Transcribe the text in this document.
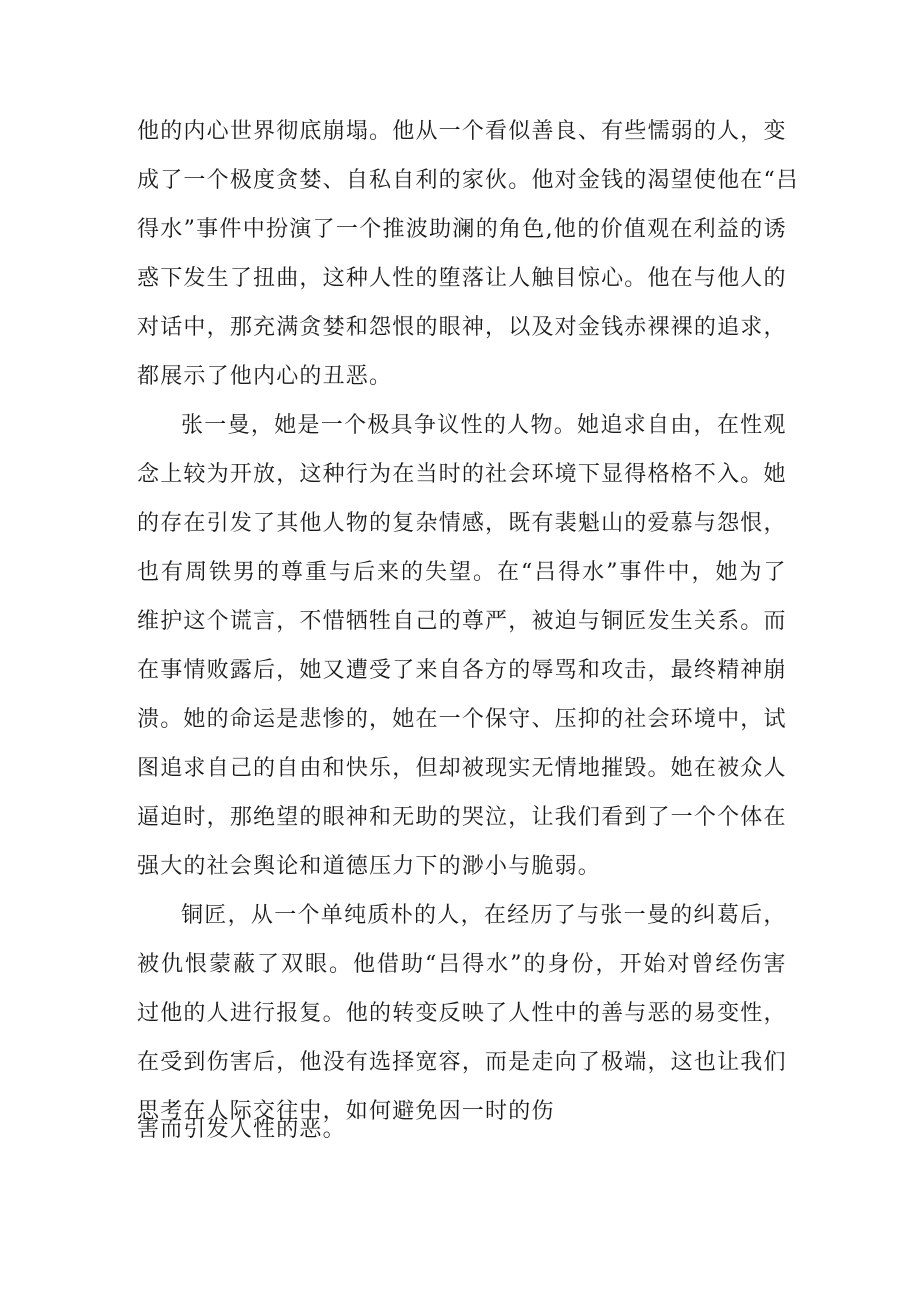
他 的 内 心 世 界 彻 底 崩 塌 。 他 从 一 个 看 似 善 良 、 有 些 懦 弱 的 人 ， 变
成 了 一 个 极 度 贪 婪 、 自 私 自 利 的 家 伙 。 他 对 金 钱 的 渴 望 使 他 在 “ 吕
得 水 ” 事 件 中 扮 演 了 一 个 推 波 助 澜 的 角 色 , 他 的 价 值 观 在 利 益 的 诱
惑 下 发 生 了 扭 曲 ， 这 种 人 性 的 堕 落 让 人 触 目 惊 心 。 他 在 与 他 人 的
对 话 中 ， 那 充 满 贪 婪 和 怨 恨 的 眼 神 ， 以 及 对 金 钱 赤 裸 裸 的 追 求 ，
都展示了他内心的丑恶。
张 一 曼 ， 她 是 一 个 极 具 争 议 性 的 人 物 。 她 追 求 自 由 ， 在 性 观
念 上 较 为 开 放 ， 这 种 行 为 在 当 时 的 社 会 环 境 下 显 得 格 格 不 入 。 她
的 存 在 引 发 了 其 他 人 物 的 复 杂 情 感 ， 既 有 裴 魁 山 的 爱 慕 与 怨 恨 ，
也 有 周 铁 男 的 尊 重 与 后 来 的 失 望 。 在 “ 吕 得 水 ” 事 件 中 ， 她 为 了
维 护 这 个 谎 言 ， 不 惜 牺 牲 自 己 的 尊 严 ， 被 迫 与 铜 匠 发 生 关 系 。 而
在 事 情 败 露 后 ， 她 又 遭 受 了 来 自 各 方 的 辱 骂 和 攻 击 ， 最 终 精 神 崩
溃 。 她 的 命 运 是 悲 惨 的 ， 她 在 一 个 保 守 、 压 抑 的 社 会 环 境 中 ， 试
图 追 求 自 己 的 自 由 和 快 乐 ， 但 却 被 现 实 无 情 地 摧 毁 。 她 在 被 众 人
逼 迫 时 ， 那 绝 望 的 眼 神 和 无 助 的 哭 泣 ， 让 我 们 看 到 了 一 个 个 体 在
强大的社会舆论和道德压力下的渺小与脆弱。
铜 匠 ， 从 一 个 单 纯 质 朴 的 人 ， 在 经 历 了 与 张 一 曼 的 纠 葛 后 ，
被 仇 恨 蒙 蔽 了 双 眼 。 他 借 助 “ 吕 得 水 ” 的 身 份 ， 开 始 对 曾 经 伤 害
过 他 的 人 进 行 报 复 。 他 的 转 变 反 映 了 人 性 中 的 善 与 恶 的 易 变 性 ，
在 受 到 伤 害 后 ， 他 没 有 选 择 宽 容 ， 而 是 走 向 了 极 端 ， 这 也 让 我 们
思考在人际交往中，如何避免因一时的伤
害而引发人性的恶。
